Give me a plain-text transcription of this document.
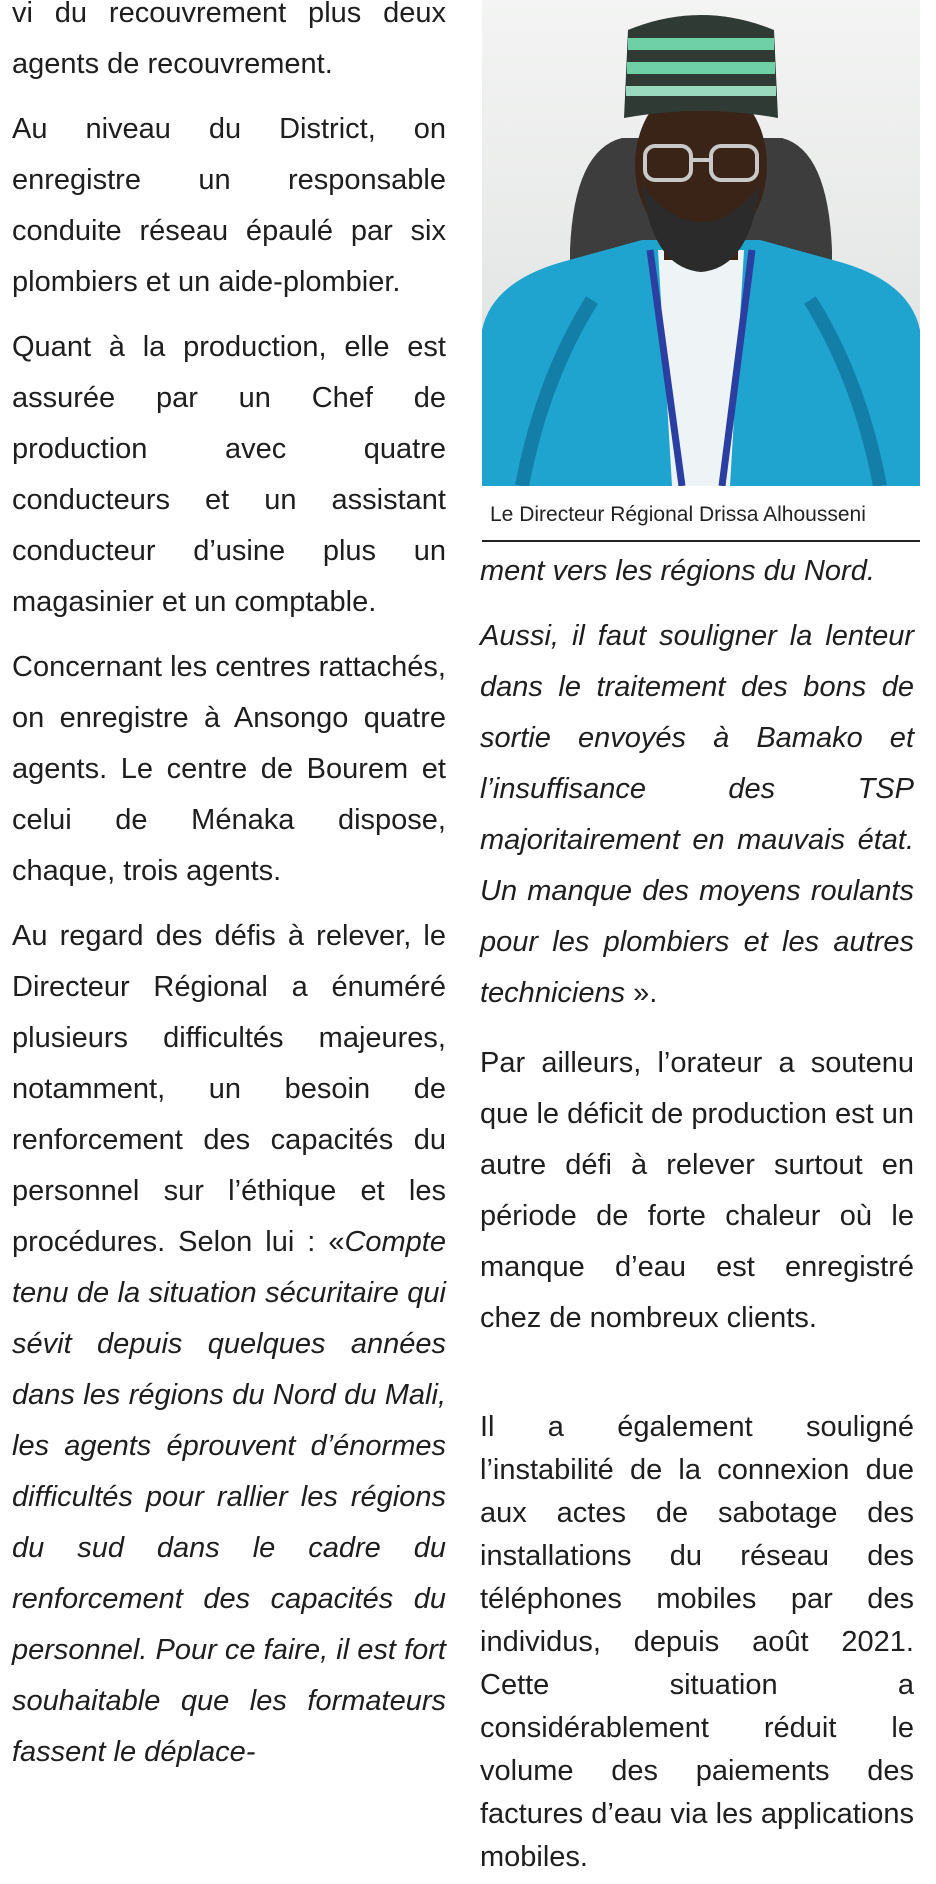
vi du recouvrement plus deux agents de recouvrement.

Au niveau du District, on enregistre un responsable conduite réseau épaulé par six plombiers et un aide-plombier.

Quant à la production, elle est assurée par un Chef de production avec quatre conducteurs et un assistant conducteur d’usine plus un magasinier et un comptable.

Concernant les centres rattachés, on enregistre à Ansongo quatre agents. Le centre de Bourem et celui de Ménaka dispose, chaque, trois agents.

Au regard des défis à relever, le Directeur Régional a énuméré plusieurs difficultés majeures, notamment, un besoin de renforcement des capacités du personnel sur l’éthique et les procédures. Selon lui : «Compte tenu de la situation sécuritaire qui sévit depuis quelques années dans les régions du Nord du Mali, les agents éprouvent d’énormes difficultés pour rallier les régions du sud dans le cadre du renforcement des capacités du personnel. Pour ce faire, il est fort souhaitable que les formateurs fassent le déplace-

Le Directeur Régional Drissa Alhousseni

ment vers les régions du Nord.

Aussi, il faut souligner la lenteur dans le traitement des bons de sortie envoyés à Bamako et l’insuffisance des TSP majoritairement en mauvais état. Un manque des moyens roulants pour les plombiers et les autres techniciens ».

Par ailleurs, l’orateur a soutenu que le déficit de production est un autre défi à relever surtout en période de forte chaleur où le manque d’eau est enregistré chez de nombreux clients.

Il a également souligné l’instabilité de la connexion due aux actes de sabotage des installations du réseau des téléphones mobiles par des individus, depuis août 2021. Cette situation a considérablement réduit le volume des paiements des factures d’eau via les applications mobiles.
